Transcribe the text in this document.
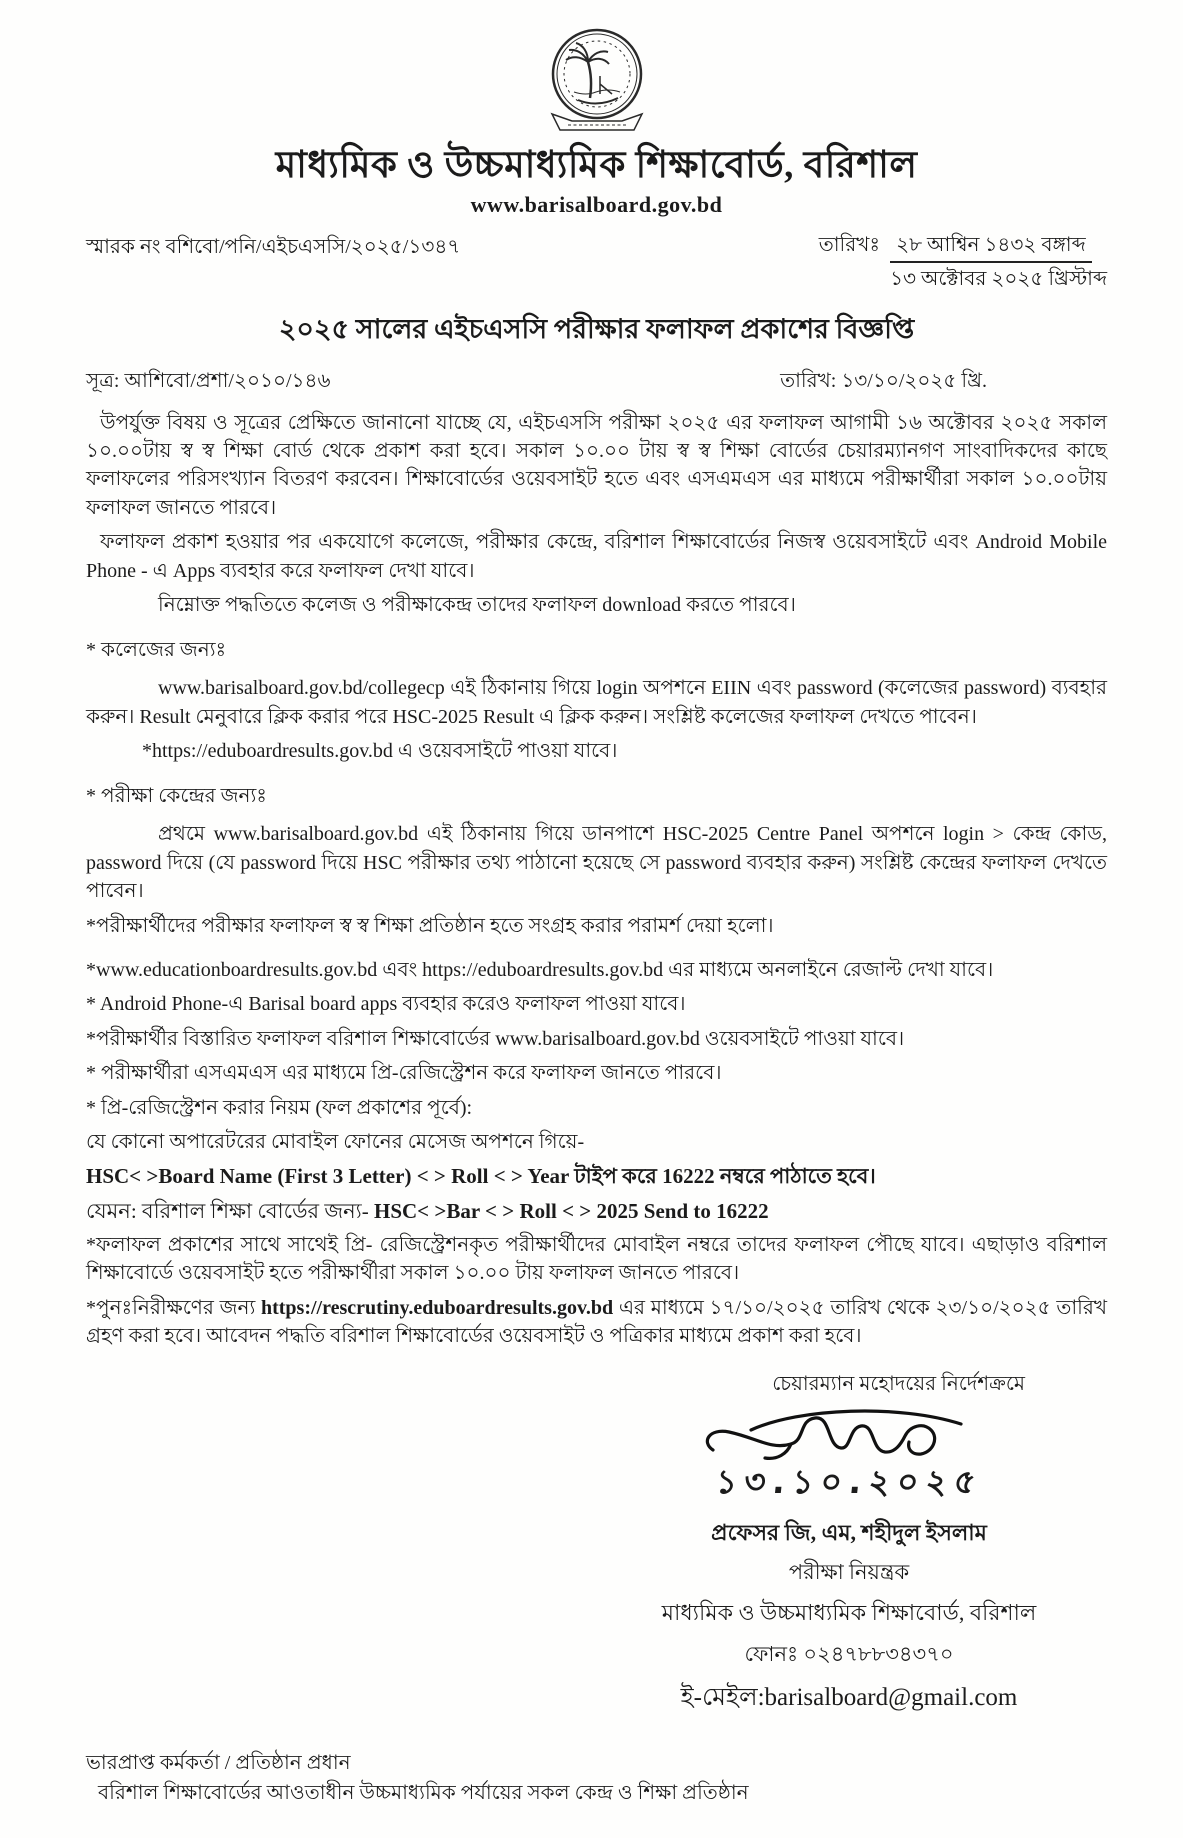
মাধ্যমিক ও উচ্চমাধ্যমিক শিক্ষাবোর্ড, বরিশাল
www.barisalboard.gov.bd
স্মারক নং বশিবো/পনি/এইচএসসি/২০২৫/১৩৪৭	তারিখঃ ২৮ আশ্বিন ১৪৩২ বঙ্গাব্দ
১৩ অক্টোবর ২০২৫ খ্রিস্টাব্দ
২০২৫ সালের এইচএসসি পরীক্ষার ফলাফল প্রকাশের বিজ্ঞপ্তি
সূত্র: আশিবো/প্রশা/২০১০/১৪৬	তারিখ: ১৩/১০/২০২৫ খ্রি.

উপর্যুক্ত বিষয় ও সূত্রের প্রেক্ষিতে জানানো যাচ্ছে যে, এইচএসসি পরীক্ষা ২০২৫ এর ফলাফল আগামী ১৬ অক্টোবর ২০২৫ সকাল ১০.০০টায় স্ব স্ব শিক্ষা বোর্ড থেকে প্রকাশ করা হবে। সকাল ১০.০০ টায় স্ব স্ব শিক্ষা বোর্ডের চেয়ারম্যানগণ সাংবাদিকদের কাছে ফলাফলের পরিসংখ্যান বিতরণ করবেন। শিক্ষাবোর্ডের ওয়েবসাইট হতে এবং এসএমএস এর মাধ্যমে পরীক্ষার্থীরা সকাল ১০.০০টায় ফলাফল জানতে পারবে।

ফলাফল প্রকাশ হওয়ার পর একযোগে কলেজে, পরীক্ষার কেন্দ্রে, বরিশাল শিক্ষাবোর্ডের নিজস্ব ওয়েবসাইটে এবং Android Mobile Phone - এ Apps ব্যবহার করে ফলাফল দেখা যাবে।

নিম্নোক্ত পদ্ধতিতে কলেজ ও পরীক্ষাকেন্দ্র তাদের ফলাফল download করতে পারবে।

* কলেজের জন্যঃ

www.barisalboard.gov.bd/collegecp এই ঠিকানায় গিয়ে login অপশনে EIIN এবং password (কলেজের password) ব্যবহার করুন। Result মেনুবারে ক্লিক করার পরে HSC-2025 Result এ ক্লিক করুন। সংশ্লিষ্ট কলেজের ফলাফল দেখতে পাবেন।

*https://eduboardresults.gov.bd এ ওয়েবসাইটে পাওয়া যাবে।

* পরীক্ষা কেন্দ্রের জন্যঃ

প্রথমে www.barisalboard.gov.bd এই ঠিকানায় গিয়ে ডানপাশে HSC-2025 Centre Panel অপশনে login > কেন্দ্র কোড, password দিয়ে (যে password দিয়ে HSC পরীক্ষার তথ্য পাঠানো হয়েছে সে password ব্যবহার করুন) সংশ্লিষ্ট কেন্দ্রের ফলাফল দেখতে পাবেন।

*পরীক্ষার্থীদের পরীক্ষার ফলাফল স্ব স্ব শিক্ষা প্রতিষ্ঠান হতে সংগ্রহ করার পরামর্শ দেয়া হলো।

*www.educationboardresults.gov.bd এবং https://eduboardresults.gov.bd এর মাধ্যমে অনলাইনে রেজাল্ট দেখা যাবে।

* Android Phone-এ Barisal board apps ব্যবহার করেও ফলাফল পাওয়া যাবে।

*পরীক্ষার্থীর বিস্তারিত ফলাফল বরিশাল শিক্ষাবোর্ডের www.barisalboard.gov.bd ওয়েবসাইটে পাওয়া যাবে।

* পরীক্ষার্থীরা এসএমএস এর মাধ্যমে প্রি-রেজিস্ট্রেশন করে ফলাফল জানতে পারবে।

* প্রি-রেজিস্ট্রেশন করার নিয়ম (ফল প্রকাশের পূর্বে):

যে কোনো অপারেটরের মোবাইল ফোনের মেসেজ অপশনে গিয়ে-

HSC< >Board Name (First 3 Letter) < > Roll < > Year টাইপ করে 16222 নম্বরে পাঠাতে হবে।

যেমন: বরিশাল শিক্ষা বোর্ডের জন্য- HSC< >Bar < > Roll < > 2025 Send to 16222

*ফলাফল প্রকাশের সাথে সাথেই প্রি- রেজিস্ট্রেশনকৃত পরীক্ষার্থীদের মোবাইল নম্বরে তাদের ফলাফল পৌছে যাবে। এছাড়াও বরিশাল শিক্ষাবোর্ডে ওয়েবসাইট হতে পরীক্ষার্থীরা সকাল ১০.০০ টায় ফলাফল জানতে পারবে।

*পুনঃনিরীক্ষণের জন্য https://rescrutiny.eduboardresults.gov.bd এর মাধ্যমে ১৭/১০/২০২৫ তারিখ থেকে ২৩/১০/২০২৫ তারিখ গ্রহণ করা হবে। আবেদন পদ্ধতি বরিশাল শিক্ষাবোর্ডের ওয়েবসাইট ও পত্রিকার মাধ্যমে প্রকাশ করা হবে।

চেয়ারম্যান মহোদয়ের নির্দেশক্রমে
১৩.১০.২০২৫
প্রফেসর জি, এম, শহীদুল ইসলাম
পরীক্ষা নিয়ন্ত্রক
মাধ্যমিক ও উচ্চমাধ্যমিক শিক্ষাবোর্ড, বরিশাল
ফোনঃ ০২৪৭৮৮৩৪৩৭০
ই-মেইল:barisalboard@gmail.com
ভারপ্রাপ্ত কর্মকর্তা / প্রতিষ্ঠান প্রধান
বরিশাল শিক্ষাবোর্ডের আওতাধীন উচ্চমাধ্যমিক পর্যায়ের সকল কেন্দ্র ও শিক্ষা প্রতিষ্ঠান
